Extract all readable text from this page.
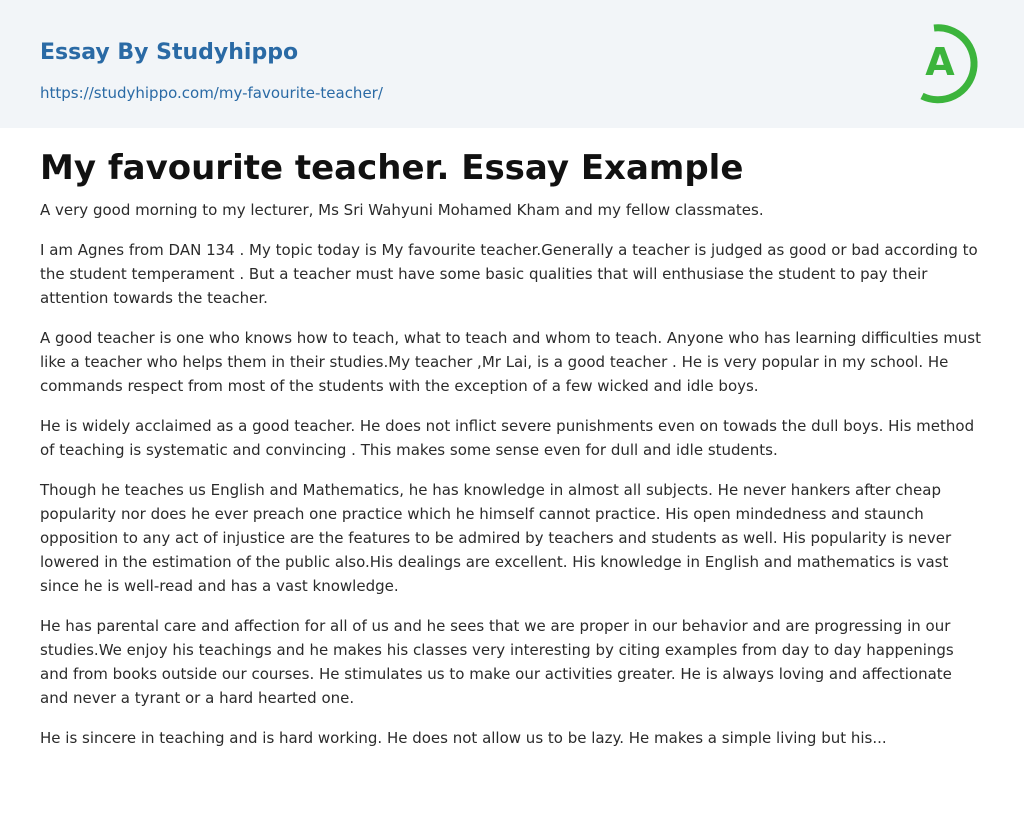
Essay By Studyhippo
https://studyhippo.com/my-favourite-teacher/
A
My favourite teacher. Essay Example

A very good morning to my lecturer, Ms Sri Wahyuni Mohamed Kham and my fellow classmates.

I am Agnes from DAN 134 . My topic today is My favourite teacher.Generally a teacher is judged as good or bad according to the student temperament . But a teacher must have some basic qualities that will enthusiase the student to pay their attention towards the teacher.

A good teacher is one who knows how to teach, what to teach and whom to teach. Anyone who has learning difficulties must like a teacher who helps them in their studies.My teacher ,Mr Lai, is a good teacher . He is very popular in my school. He commands respect from most of the students with the exception of a few wicked and idle boys.

He is widely acclaimed as a good teacher. He does not inflict severe punishments even on towads the dull boys. His method of teaching is systematic and convincing . This makes some sense even for dull and idle students.

Though he teaches us English and Mathematics, he has knowledge in almost all subjects. He never hankers after cheap popularity nor does he ever preach one practice which he himself cannot practice. His open mindedness and staunch opposition to any act of injustice are the features to be admired by teachers and students as well. His popularity is never lowered in the estimation of the public also.His dealings are excellent. His knowledge in English and mathematics is vast since he is well-read and has a vast knowledge.

He has parental care and affection for all of us and he sees that we are proper in our behavior and are progressing in our studies.We enjoy his teachings and he makes his classes very interesting by citing examples from day to day happenings and from books outside our courses. He stimulates us to make our activities greater. He is always loving and affectionate and never a tyrant or a hard hearted one.

He is sincere in teaching and is hard working. He does not allow us to be lazy. He makes a simple living but his...
